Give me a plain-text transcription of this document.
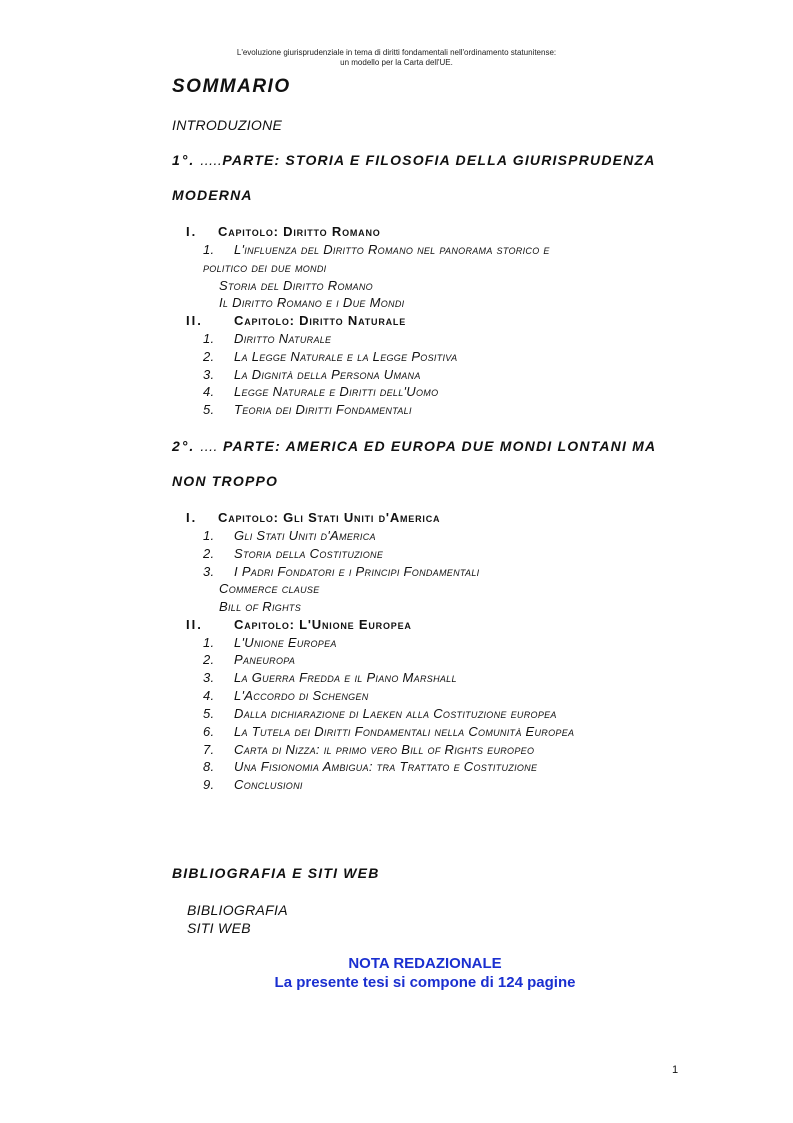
L'evoluzione giurisprudenziale in tema di diritti fondamentali nell'ordinamento statunitense:
un modello per la Carta dell'UE.
SOMMARIO
INTRODUZIONE
1°. .....PARTE: STORIA E FILOSOFIA DELLA GIURISPRUDENZA
MODERNA
I. Capitolo: Diritto Romano
1. L'influenza del Diritto Romano nel panorama storico e
politico dei due mondi
Storia del Diritto Romano
Il Diritto Romano e i Due Mondi
II. Capitolo: Diritto Naturale
1. Diritto Naturale
2. La Legge Naturale e la Legge Positiva
3. La Dignità della Persona Umana
4. Legge Naturale e Diritti dell'Uomo
5. Teoria dei Diritti Fondamentali
2°. .... PARTE: AMERICA ED EUROPA DUE MONDI LONTANI MA
NON TROPPO
I. Capitolo: Gli Stati Uniti d'America
1. Gli Stati Uniti d'America
2. Storia della Costituzione
3. I Padri Fondatori e i Principi Fondamentali
Commerce clause
Bill of Rights
II. Capitolo: L'Unione Europea
1. L'Unione Europea
2. Paneuropa
3. La Guerra Fredda e il Piano Marshall
4. L'Accordo di Schengen
5. Dalla dichiarazione di Laeken alla Costituzione europea
6. La Tutela dei Diritti Fondamentali nella Comunità Europea
7. Carta di Nizza: il primo vero Bill of Rights europeo
8. Una Fisionomia Ambigua: tra Trattato e Costituzione
9. Conclusioni
BIBLIOGRAFIA E SITI WEB
BIBLIOGRAFIA
SITI WEB
NOTA REDAZIONALE
La presente tesi si compone di 124 pagine
1
